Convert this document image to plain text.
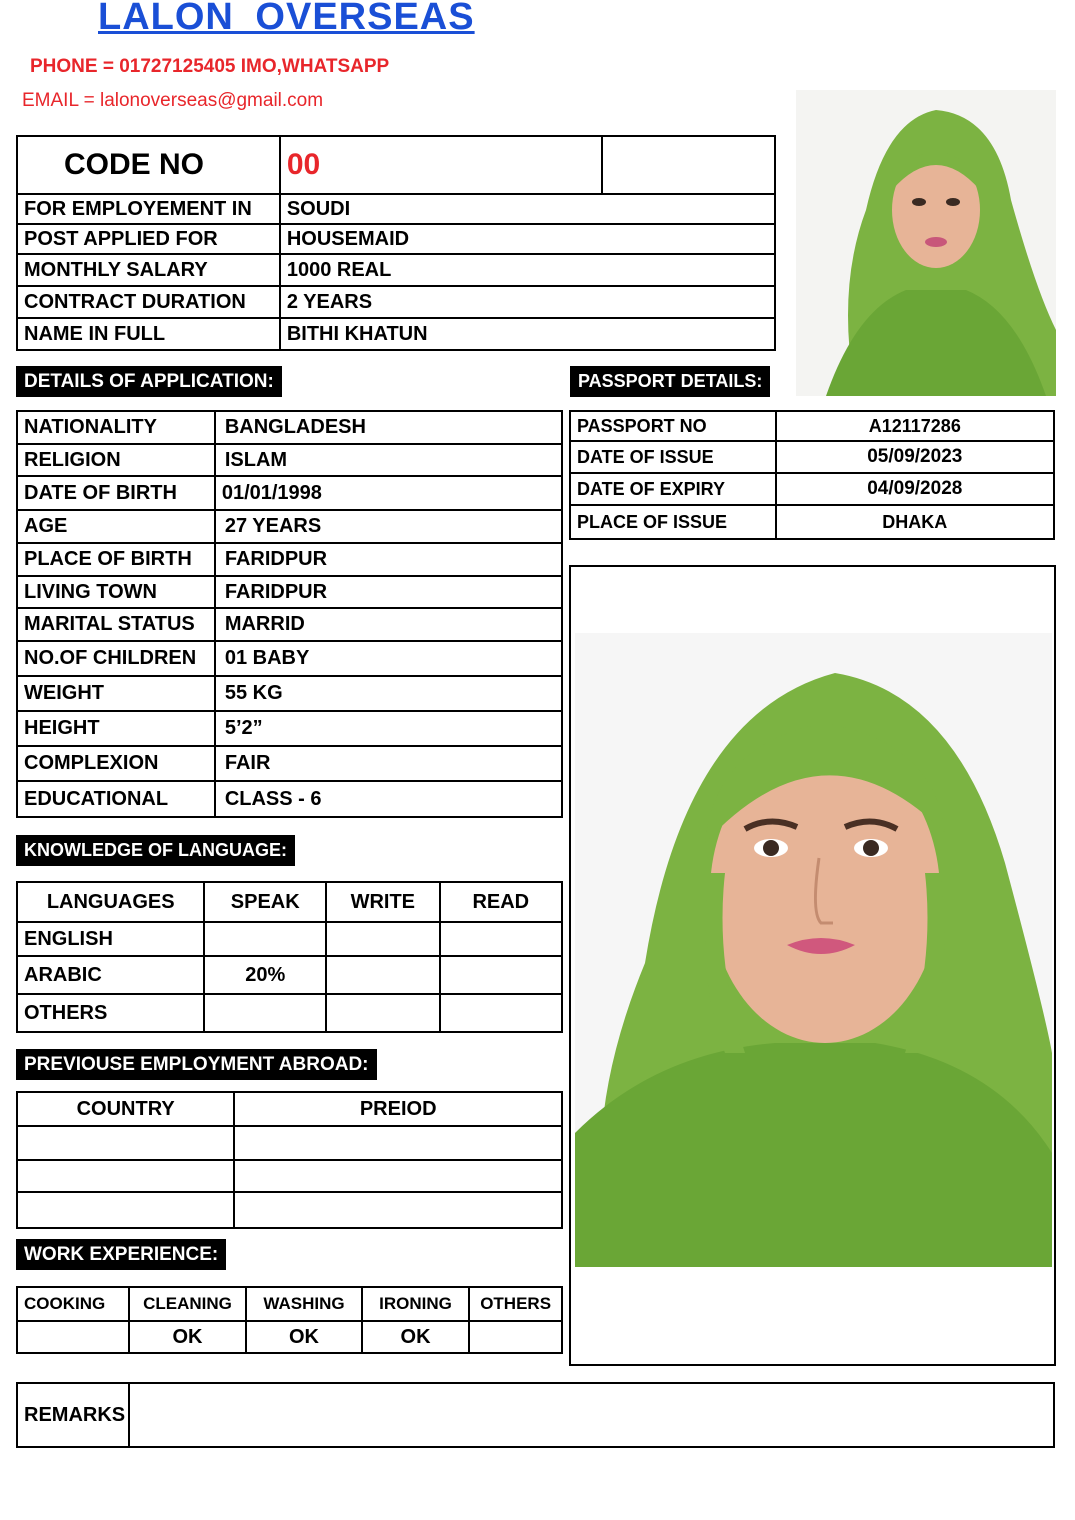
LALON OVERSEAS
PHONE = 01727125405 IMO,WHATSAPP
EMAIL = lalonoverseas@gmail.com
CODE NO	00	
FOR EMPLOYEMENT IN	SOUDI	
POST APPLIED FOR	HOUSEMAID	
MONTHLY SALARY	1000 REAL	
CONTRACT DURATION	2 YEARS	
NAME IN FULL	BITHI KHATUN	
DETAILS OF APPLICATION:
NATIONALITY	BANGLADESH
RELIGION	ISLAM
DATE OF BIRTH	01/01/1998
AGE	27 YEARS
PLACE OF BIRTH	FARIDPUR
LIVING TOWN	FARIDPUR
MARITAL STATUS	MARRID
NO.OF CHILDREN	01 BABY
WEIGHT	55 KG
HEIGHT	5’2”
COMPLEXION	FAIR
EDUCATIONAL	CLASS - 6
PASSPORT DETAILS:
PASSPORT NO	A12117286
DATE OF ISSUE	05/09/2023
DATE OF EXPIRY	04/09/2028
PLACE OF ISSUE	DHAKA
KNOWLEDGE OF LANGUAGE:
LANGUAGES	SPEAK	WRITE	READ
ENGLISH			
ARABIC	20%		
OTHERS			
PREVIOUSE EMPLOYMENT ABROAD:
COUNTRY	PREIOD

WORK EXPERIENCE:
COOKING	CLEANING	WASHING	IRONING	OTHERS
	OK	OK	OK	
REMARKS	
